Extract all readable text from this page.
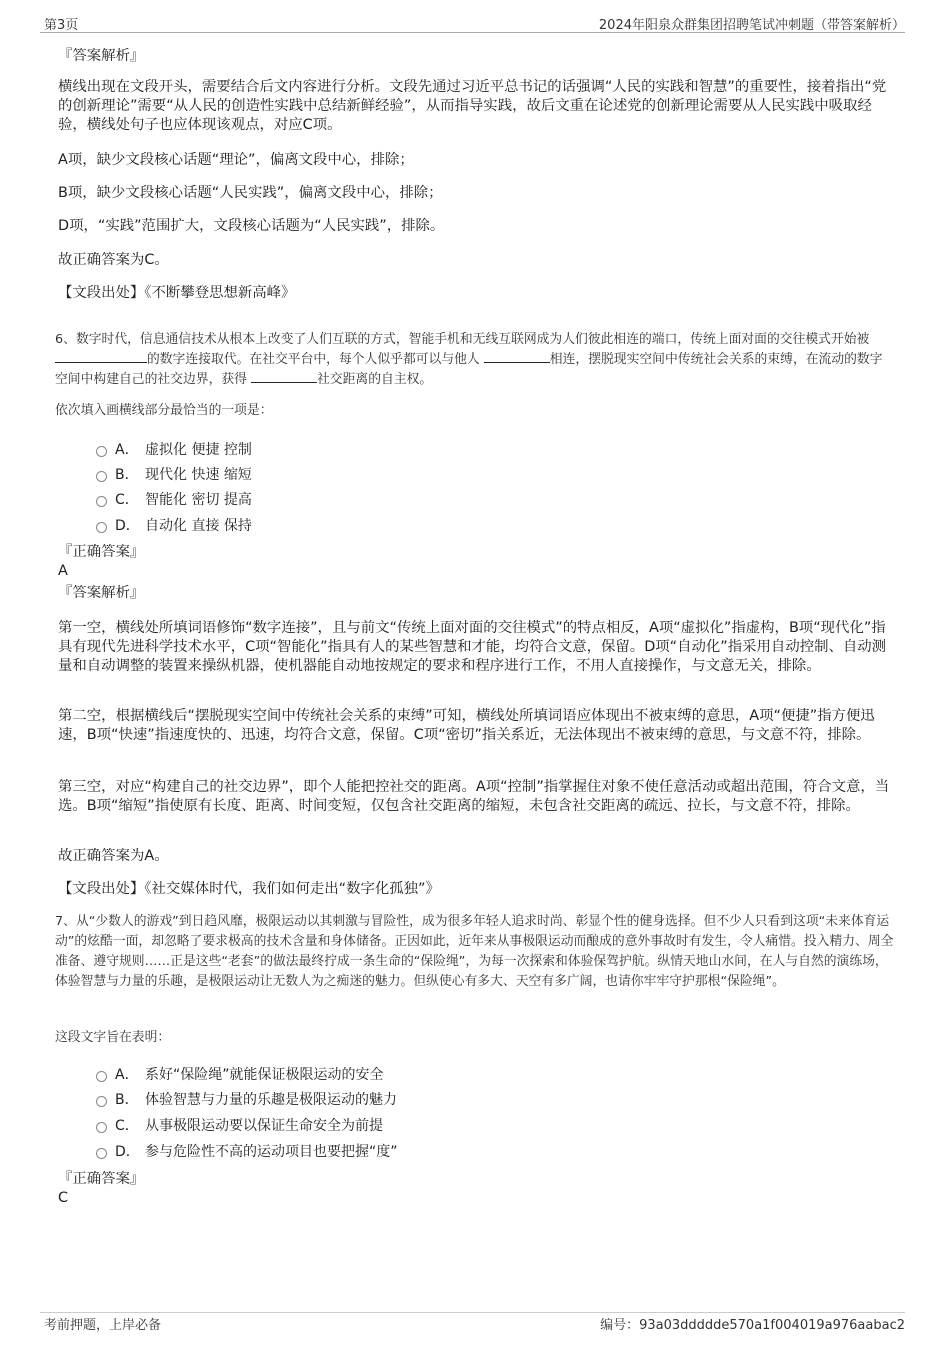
第3页	2024年阳泉众群集团招聘笔试冲刺题（带答案解析）
『答案解析』
横线出现在文段开头，需要结合后文内容进行分析。文段先通过习近平总书记的话强调“人民的实践和智慧”的重要性，接着指出“党的创新理论”需要“从人民的创造性实践中总结新鲜经验”，从而指导实践，故后文重在论述党的创新理论需要从人民实践中吸取经验，横线处句子也应体现该观点，对应C项。
A项，缺少文段核心话题“理论”，偏离文段中心，排除；
B项，缺少文段核心话题“人民实践”，偏离文段中心，排除；
D项，“实践”范围扩大，文段核心话题为“人民实践”，排除。
故正确答案为C。
【文段出处】《不断攀登思想新高峰》
6、数字时代，信息通信技术从根本上改变了人们互联的方式，智能手机和无线互联网成为人们彼此相连的端口，传统上面对面的交往模式开始被 的数字连接取代。在社交平台中，每个人似乎都可以与他人	相连，摆脱现实空间中传统社会关系的束缚，在流动的数字空间中构建自己的社交边界，获得	社交距离的自主权。
依次填入画横线部分最恰当的一项是：
A． 虚拟化 便捷 控制
B． 现代化 快速 缩短
C． 智能化 密切 提高
D． 自动化 直接 保持
『正确答案』
A
『答案解析』
第一空，横线处所填词语修饰“数字连接”，且与前文“传统上面对面的交往模式”的特点相反，A项“虚拟化”指虚构，B项“现代化”指具有现代先进科学技术水平，C项“智能化”指具有人的某些智慧和才能，均符合文意，保留。D项“自动化”指采用自动控制、自动测量和自动调整的装置来操纵机器，使机器能自动地按规定的要求和程序进行工作，不用人直接操作，与文意无关，排除。
第二空，根据横线后“摆脱现实空间中传统社会关系的束缚”可知，横线处所填词语应体现出不被束缚的意思，A项“便捷”指方便迅速，B项“快速”指速度快的、迅速，均符合文意，保留。C项“密切”指关系近，无法体现出不被束缚的意思，与文意不符，排除。
第三空，对应“构建自己的社交边界”，即个人能把控社交的距离。A项“控制”指掌握住对象不使任意活动或超出范围，符合文意，当选。B项“缩短”指使原有长度、距离、时间变短，仅包含社交距离的缩短，未包含社交距离的疏远、拉长，与文意不符，排除。
故正确答案为A。
【文段出处】《社交媒体时代，我们如何走出“数字化孤独”》
7、从“少数人的游戏”到日趋风靡，极限运动以其刺激与冒险性，成为很多年轻人追求时尚、彰显个性的健身选择。但不少人只看到这项“未来体育运动”的炫酷一面，却忽略了要求极高的技术含量和身体储备。正因如此，近年来从事极限运动而酿成的意外事故时有发生，令人痛惜。投入精力、周全准备、遵守规则……正是这些“老套”的做法最终拧成一条生命的“保险绳”，为每一次探索和体验保驾护航。纵情天地山水间，在人与自然的演练场，体验智慧与力量的乐趣，是极限运动让无数人为之痴迷的魅力。但纵使心有多大、天空有多广阔，也请你牢牢守护那根“保险绳”。
这段文字旨在表明：
A． 系好“保险绳”就能保证极限运动的安全
B． 体验智慧与力量的乐趣是极限运动的魅力
C． 从事极限运动要以保证生命安全为前提
D． 参与危险性不高的运动项目也要把握“度”
『正确答案』
C
考前押题，上岸必备	编号：93a03ddddde570a1f004019a976aabac2
